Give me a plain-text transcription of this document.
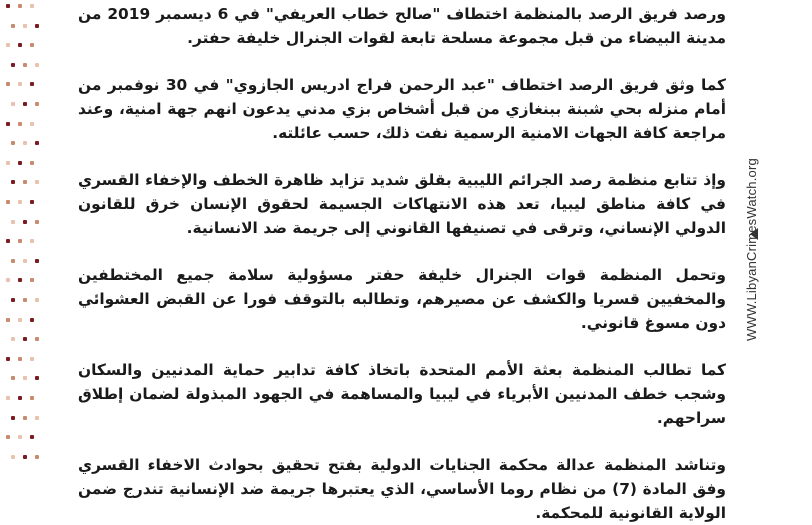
ورصد فريق الرصد بالمنظمة اختطاف "صالح خطاب العريفي" في 6 ديسمبر 2019 من مدينة البيضاء من قبل مجموعة مسلحة تابعة لقوات الجنرال خليفة حفتر.

كما وثق فريق الرصد اختطاف "عبد الرحمن فراج ادريس الجازوي" في 30 نوفمبر من أمام منزله بحي شبنة ببنغازي من قبل أشخاص بزي مدني يدعون انهم جهة امنية، وعند مراجعة كافة الجهات الامنية الرسمية نفت ذلك، حسب عائلته.

وإذ تتابع منظمة رصد الجرائم الليبية بقلق شديد تزايد ظاهرة الخطف والإخفاء القسري في كافة مناطق ليبيا، تعد هذه الانتهاكات الجسيمة لحقوق الإنسان خرق للقانون الدولي الإنساني، وترقى في تصنيفها القانوني إلى جريمة ضد الانسانية.

وتحمل المنظمة قوات الجنرال خليفة حفتر مسؤولية سلامة جميع المختطفين والمخفيين قسريا والكشف عن مصيرهم، وتطالبه بالتوقف فورا عن القبض العشوائي دون مسوغ قانوني.

كما تطالب المنظمة بعثة الأمم المتحدة باتخاذ كافة تدابير حماية المدنيين والسكان وشجب خطف المدنيين الأبرياء في ليبيا والمساهمة في الجهود المبذولة لضمان إطلاق سراحهم.

وتناشد المنظمة عدالة محكمة الجنايات الدولية بفتح تحقيق بحوادث الاخفاء القسري وفق المادة (7) من نظام روما الأساسي، الذي يعتبرها جريمة ضد الإنسانية تندرج ضمن الولاية القانونية للمحكمة.

WWW.LibyanCrimesWatch.org
